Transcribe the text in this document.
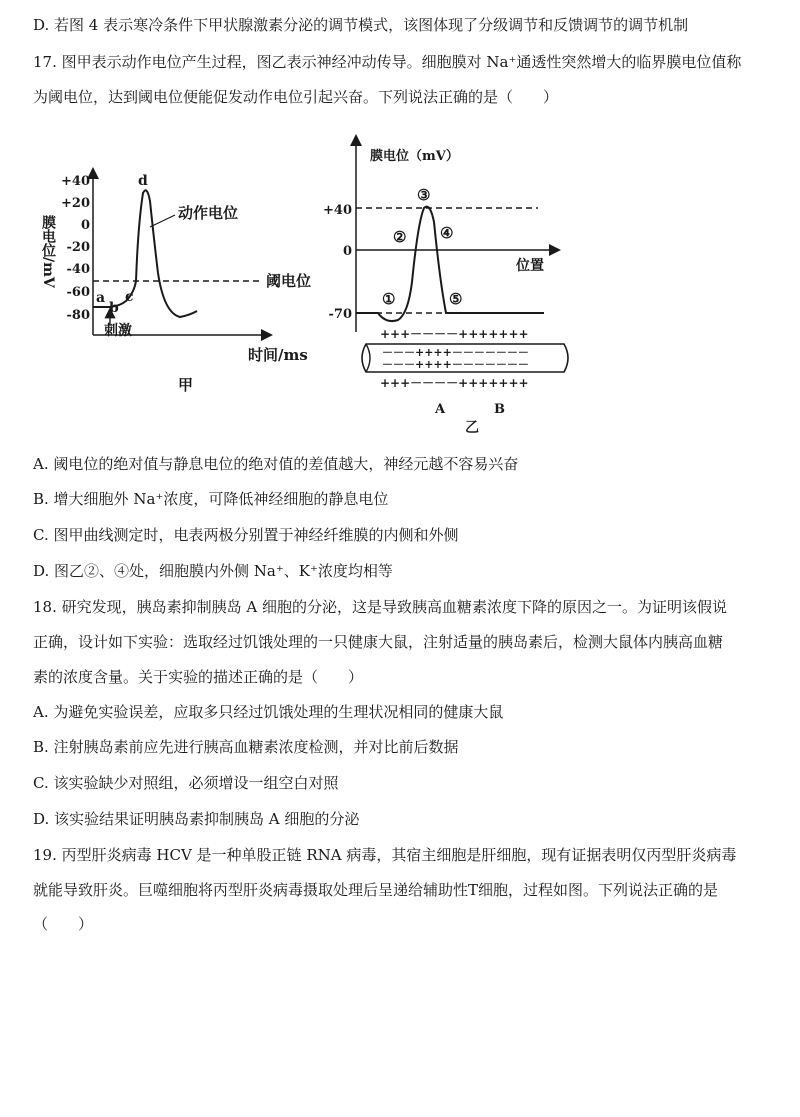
D. 若图 4 表示寒冷条件下甲状腺激素分泌的调节模式，该图体现了分级调节和反馈调节的调节机制
17. 图甲表示动作电位产生过程，图乙表示神经冲动传导。细胞膜对 Na⁺通透性突然增大的临界膜电位值称
为阈电位，达到阈电位便能促发动作电位引起兴奋。下列说法正确的是（　　）
膜电位/mV
+40
+20
0
-20
-40
-60
-80
阈电位
动作电位
d
a
b
c
刺激
时间/ms
甲
膜电位（mV）
位置
+40
0
-70
①
②
③
④
⑤
+++－－－－+++++++
－－－++++－－－－－－－
－－－++++－－－－－－－
+++－－－－+++++++
A	B
乙
A. 阈电位的绝对值与静息电位的绝对值的差值越大，神经元越不容易兴奋
B. 增大细胞外 Na⁺浓度，可降低神经细胞的静息电位
C. 图甲曲线测定时，电表两极分别置于神经纤维膜的内侧和外侧
D. 图乙②、④处，细胞膜内外侧 Na⁺、K⁺浓度均相等
18. 研究发现，胰岛素抑制胰岛 A 细胞的分泌，这是导致胰高血糖素浓度下降的原因之一。为证明该假说
正确，设计如下实验：选取经过饥饿处理的一只健康大鼠，注射适量的胰岛素后，检测大鼠体内胰高血糖
素的浓度含量。关于实验的描述正确的是（　　）
A. 为避免实验误差，应取多只经过饥饿处理的生理状况相同的健康大鼠
B. 注射胰岛素前应先进行胰高血糖素浓度检测，并对比前后数据
C. 该实验缺少对照组，必须增设一组空白对照
D. 该实验结果证明胰岛素抑制胰岛 A 细胞的分泌
19. 丙型肝炎病毒 HCV 是一种单股正链 RNA 病毒，其宿主细胞是肝细胞，现有证据表明仅丙型肝炎病毒
就能导致肝炎。巨噬细胞将丙型肝炎病毒摄取处理后呈递给辅助性T细胞，过程如图。下列说法正确的是
（　　）
